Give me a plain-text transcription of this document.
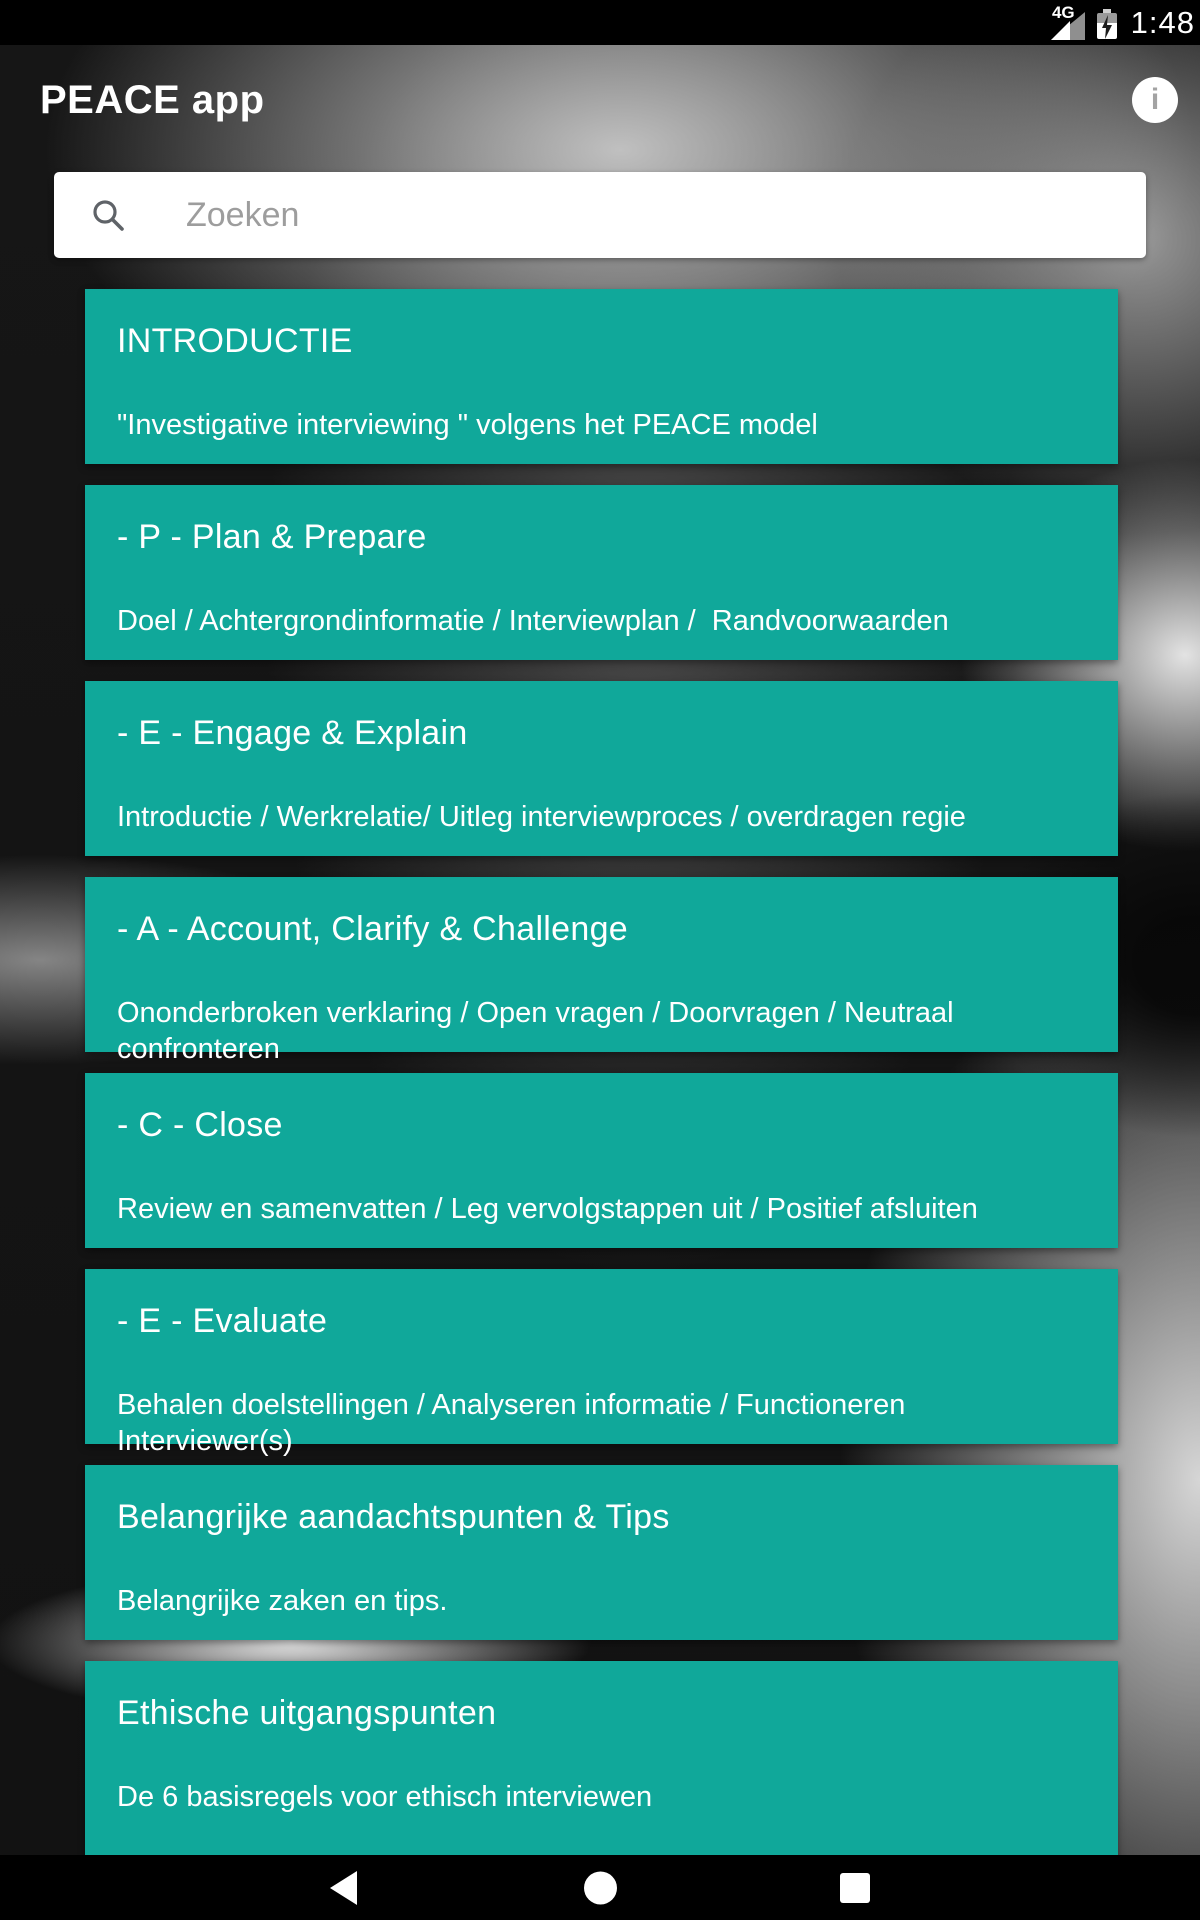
4G 1:48
PEACE app	i
Zoeken
INTRODUCTIE
"Investigative interviewing " volgens het PEACE model
- P - Plan & Prepare
Doel / Achtergrondinformatie / Interviewplan /  Randvoorwaarden
- E - Engage & Explain
Introductie / Werkrelatie/ Uitleg interviewproces / overdragen regie
- A - Account, Clarify & Challenge
Ononderbroken verklaring / Open vragen / Doorvragen / Neutraal confronteren
- C - Close
Review en samenvatten / Leg vervolgstappen uit / Positief afsluiten
- E - Evaluate
Behalen doelstellingen / Analyseren informatie / Functioneren Interviewer(s)
Belangrijke aandachtspunten & Tips
Belangrijke zaken en tips.
Ethische uitgangspunten
De 6 basisregels voor ethisch interviewen
